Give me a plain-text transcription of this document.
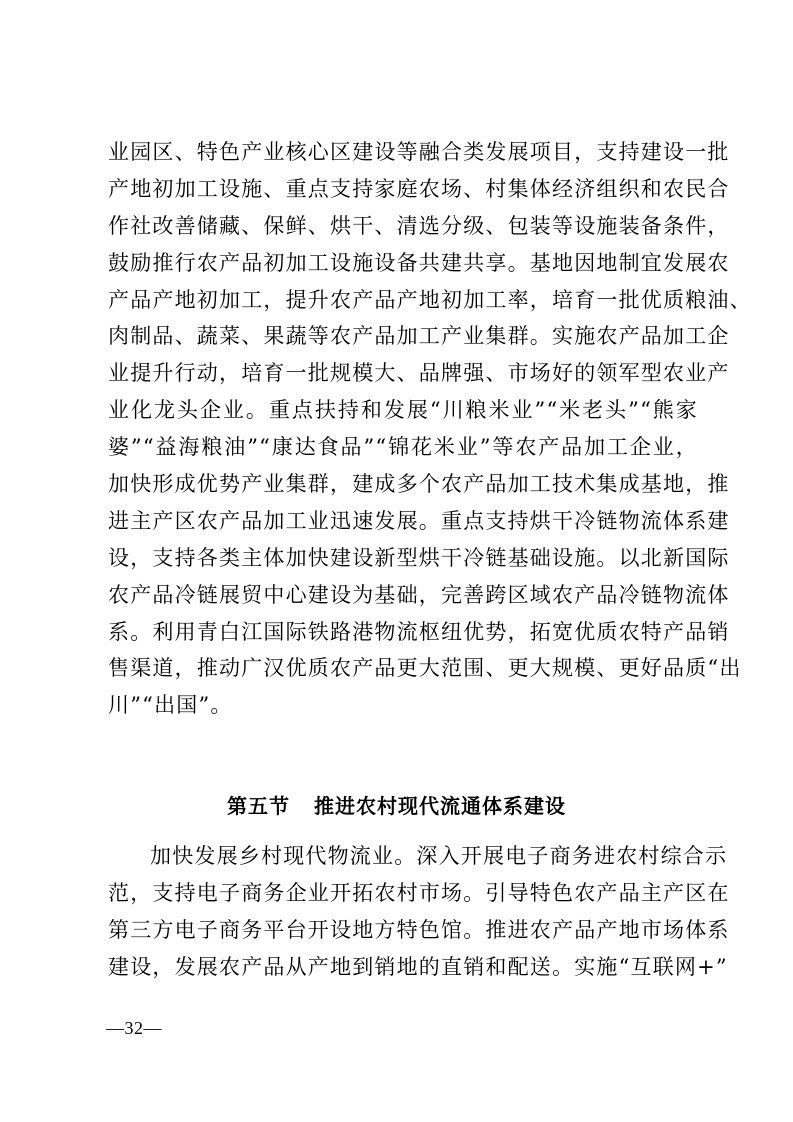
业园区、特色产业核心区建设等融合类发展项目，支持建设一批
产地初加工设施、重点支持家庭农场、村集体经济组织和农民合
作社改善储藏、保鲜、烘干、清选分级、包装等设施装备条件，
鼓励推行农产品初加工设施设备共建共享。基地因地制宜发展农
产品产地初加工，提升农产品产地初加工率，培育一批优质粮油、
肉制品、蔬菜、果蔬等农产品加工产业集群。实施农产品加工企
业提升行动，培育一批规模大、品牌强、市场好的领军型农业产
业化龙头企业。重点扶持和发展“川粮米业”“米老头”“熊家
婆”“益海粮油”“康达食品”“锦花米业”等农产品加工企业，
加快形成优势产业集群，建成多个农产品加工技术集成基地，推
进主产区农产品加工业迅速发展。重点支持烘干冷链物流体系建
设，支持各类主体加快建设新型烘干冷链基础设施。以北新国际
农产品冷链展贸中心建设为基础，完善跨区域农产品冷链物流体
系。利用青白江国际铁路港物流枢纽优势，拓宽优质农特产品销
售渠道，推动广汉优质农产品更大范围、更大规模、更好品质“出
川”“出国”。
第五节 推进农村现代流通体系建设
加快发展乡村现代物流业。深入开展电子商务进农村综合示
范，支持电子商务企业开拓农村市场。引导特色农产品主产区在
第三方电子商务平台开设地方特色馆。推进农产品产地市场体系
建设，发展农产品从产地到销地的直销和配送。实施“互联网+”
—32—
